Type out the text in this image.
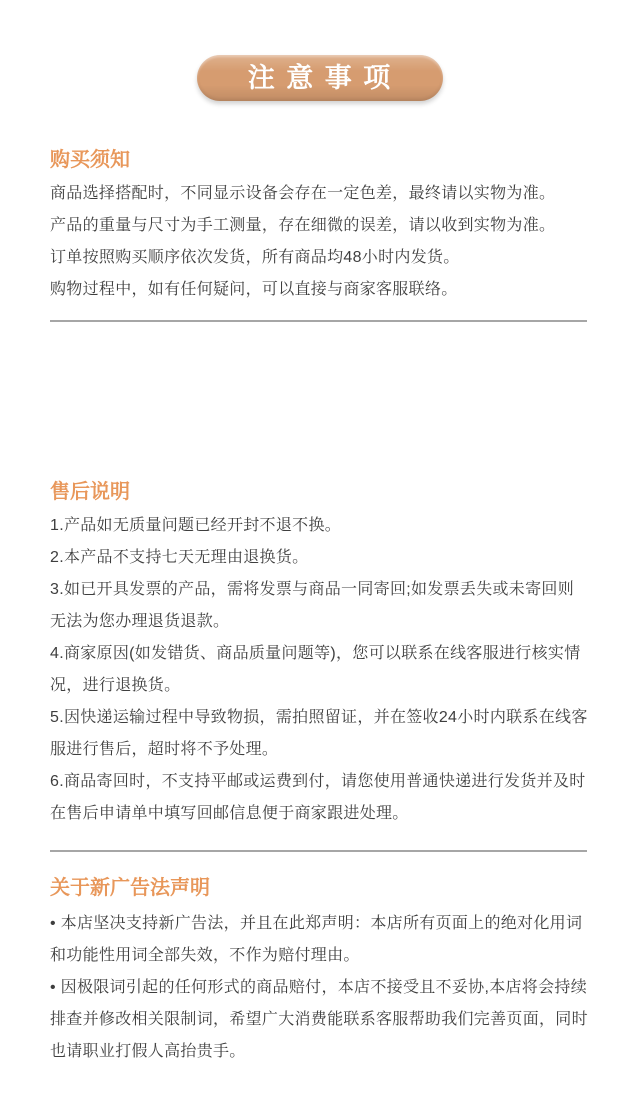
注 意 事 项
购买须知

商品选择搭配时，不同显示设备会存在一定色差，最终请以实物为准。

产品的重量与尺寸为手工测量，存在细微的误差，请以收到实物为准。

订单按照购买顺序依次发货，所有商品均48小时内发货。

购物过程中，如有任何疑问，可以直接与商家客服联络。

售后说明

1.产品如无质量问题已经开封不退不换。

2.本产品不支持七天无理由退换货。

3.如已开具发票的产品，需将发票与商品一同寄回;如发票丢失或未寄回则无法为您办理退货退款。

4.商家原因(如发错货、商品质量问题等)，您可以联系在线客服进行核实情况，进行退换货。

5.因快递运输过程中导致物损，需拍照留证，并在签收24小时内联系在线客服进行售后，超时将不予处理。

6.商品寄回时，不支持平邮或运费到付，请您使用普通快递进行发货并及时在售后申请单中填写回邮信息便于商家跟进处理。

关于新广告法声明

• 本店坚决支持新广告法，并且在此郑声明：本店所有页面上的绝对化用词和功能性用词全部失效，不作为赔付理由。

• 因极限词引起的任何形式的商品赔付，本店不接受且不妥协,本店将会持续排查并修改相关限制词，希望广大消费能联系客服帮助我们完善页面，同时也请职业打假人高抬贵手。
